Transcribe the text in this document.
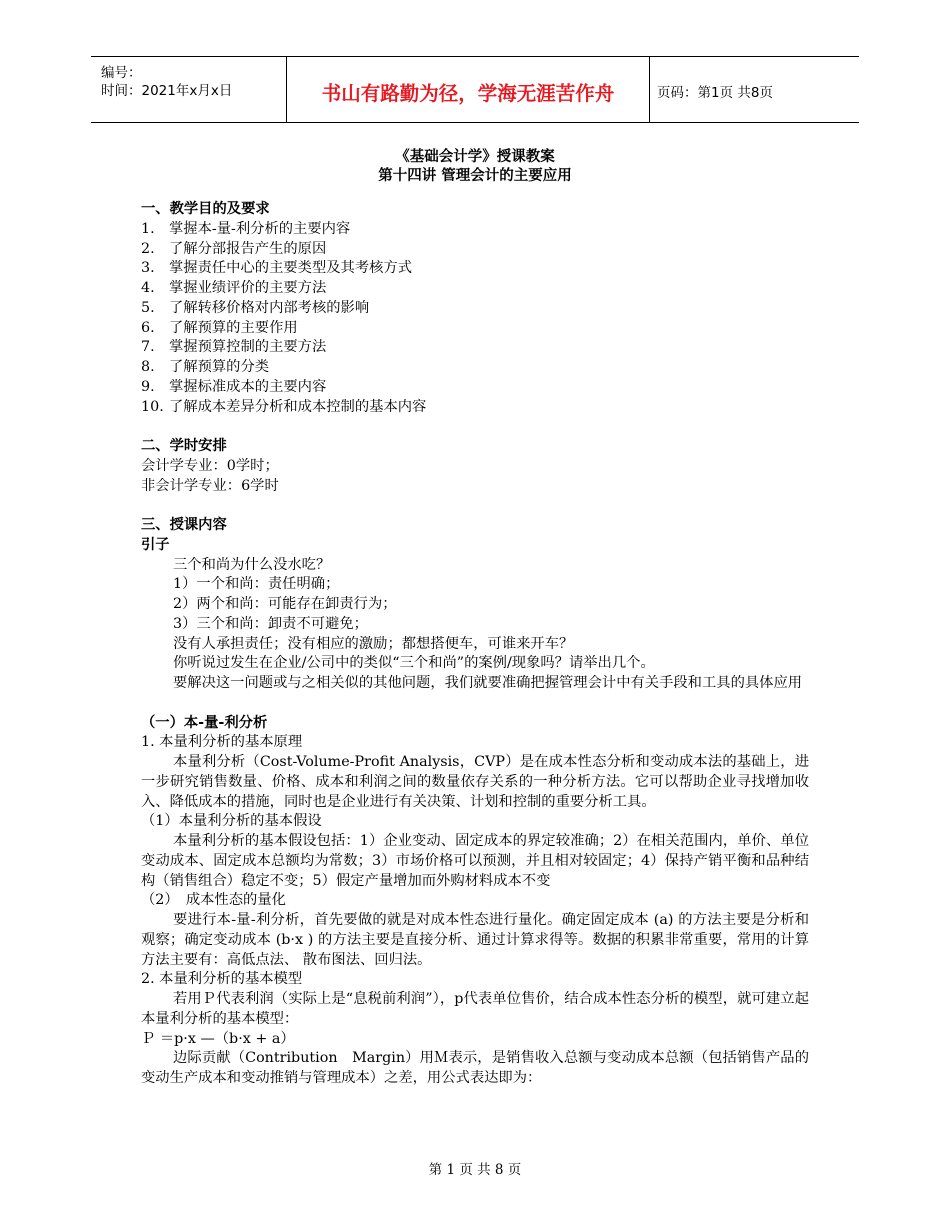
编号：
时间：2021年x月x日	书山有路勤为径，学海无涯苦作舟	页码：第1页 共8页
《基础会计学》授课教案
第十四讲 管理会计的主要应用

一、教学目的及要求

1. 掌握本-量-利分析的主要内容

2. 了解分部报告产生的原因

3. 掌握责任中心的主要类型及其考核方式

4. 掌握业绩评价的主要方法

5. 了解转移价格对内部考核的影响

6. 了解预算的主要作用

7. 掌握预算控制的主要方法

8. 了解预算的分类

9. 掌握标准成本的主要内容

10. 了解成本差异分析和成本控制的基本内容

二、学时安排

会计学专业：0学时；

非会计学专业：6学时

三、授课内容

引子

三个和尚为什么没水吃？

1）一个和尚：责任明确；

2）两个和尚：可能存在卸责行为；

3）三个和尚：卸责不可避免；

没有人承担责任；没有相应的激励；都想搭便车，可谁来开车？

你听说过发生在企业/公司中的类似“三个和尚”的案例/现象吗？请举出几个。

要解决这一问题或与之相关似的其他问题，我们就要准确把握管理会计中有关手段和工具的具体应用

（一）本-量-利分析

1. 本量利分析的基本原理

本量利分析（Cost-Volume-Profit Analysis，CVP）是在成本性态分析和变动成本法的基础上，进一步研究销售数量、价格、成本和利润之间的数量依存关系的一种分析方法。它可以帮助企业寻找增加收入、降低成本的措施，同时也是企业进行有关决策、计划和控制的重要分析工具。

（1）本量利分析的基本假设

本量利分析的基本假设包括：1）企业变动、固定成本的界定较准确；2）在相关范围内，单价、单位变动成本、固定成本总额均为常数；3）市场价格可以预测，并且相对较固定；4）保持产销平衡和品种结构（销售组合）稳定不变；5）假定产量增加而外购材料成本不变

（2）　成本性态的量化

要进行本-量-利分析，首先要做的就是对成本性态进行量化。确定固定成本 (a) 的方法主要是分析和观察；确定变动成本 (b·x ) 的方法主要是直接分析、通过计算求得等。数据的积累非常重要，常用的计算方法主要有：高低点法、 散布图法、回归法。

2. 本量利分析的基本模型

若用Ｐ代表利润（实际上是“息税前利润”），p代表单位售价，结合成本性态分析的模型，就可建立起本量利分析的基本模型：

Ｐ ＝p·x —（b·x + a）

边际贡献（Contribution　Margin）用Ｍ表示，是销售收入总额与变动成本总额（包括销售产品的变动生产成本和变动推销与管理成本）之差，用公式表达即为：

第 1 页 共 8 页
